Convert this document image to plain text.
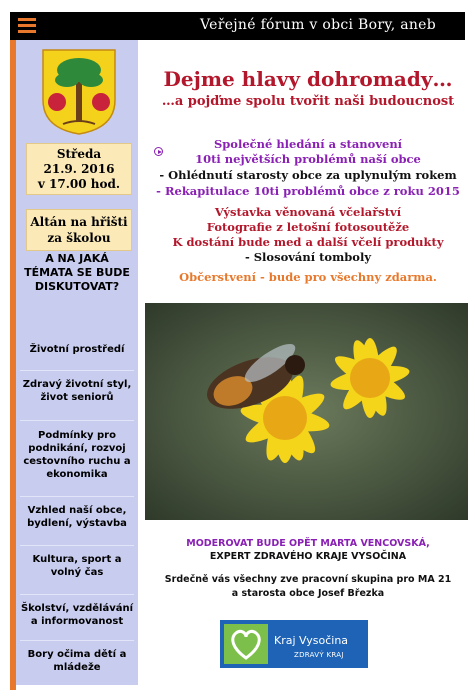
Veřejné fórum v obci Bory, aneb
Středa
21.9. 2016
v 17.00 hod.
Altán na hřišti
za školou
A NA JAKÁ
TÉMATA SE BUDE
DISKUTOVAT?
Životní prostředí
Zdravý životní styl,
život seniorů
Podmínky pro
podnikání, rozvoj
cestovního ruchu a
ekonomika
Vzhled naší obce,
bydlení, výstavba
Kultura, sport a
volný čas
Školství, vzdělávání
a informovanost
Bory očima dětí a
mládeže
Dejme hlavy dohromady…
…a pojďme spolu tvořit naši budoucnost
Společné hledání a stanovení
10ti největších problémů naší obce
- Ohlédnutí starosty obce za uplynulým rokem
- Rekapitulace 10ti problémů obce z roku 2015
Výstavka věnovaná včelařství
Fotografie z letošní fotosoutěže
K dostání bude med a další včelí produkty
- Slosování tomboly
Občerstvení - bude pro všechny zdarma.
MODEROVAT BUDE OPĚT MARTA VENCOVSKÁ,
EXPERT ZDRAVÉHO KRAJE VYSOČINA
Srdečně vás všechny zve pracovní skupina pro MA 21
a starosta obce Josef Březka
Kraj Vysočina
ZDRAVÝ KRAJ
